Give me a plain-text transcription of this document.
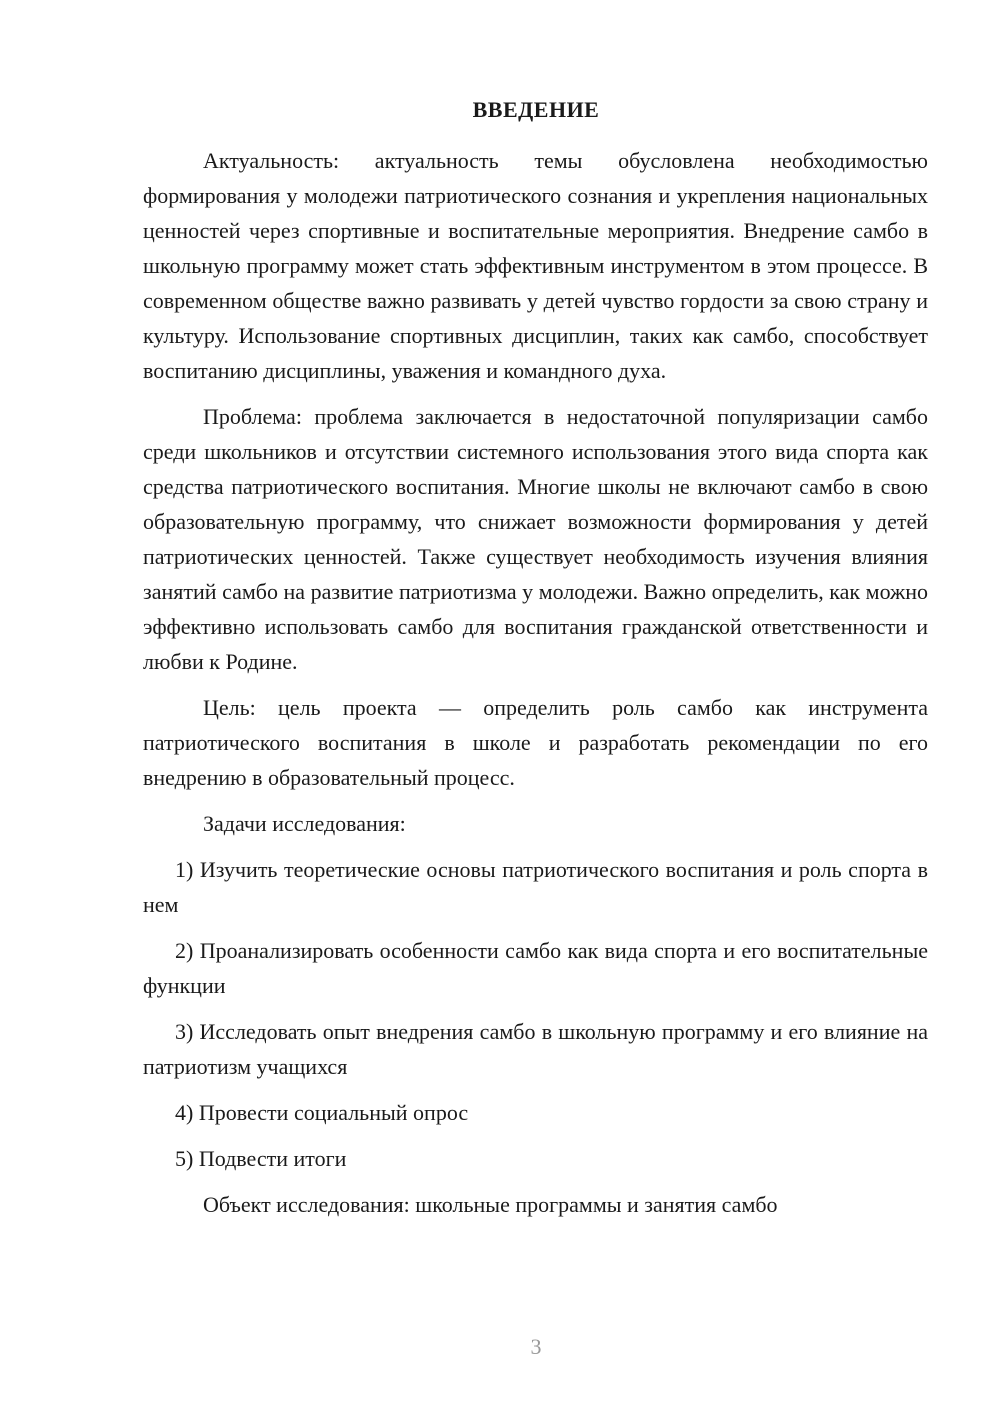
ВВЕДЕНИЕ

Актуальность: актуальность темы обусловлена необходимостью формирования у молодежи патриотического сознания и укрепления национальных ценностей через спортивные и воспитательные мероприятия. Внедрение самбо в школьную программу может стать эффективным инструментом в этом процессе. В современном обществе важно развивать у детей чувство гордости за свою страну и культуру. Использование спортивных дисциплин, таких как самбо, способствует воспитанию дисциплины, уважения и командного духа.

Проблема: проблема заключается в недостаточной популяризации самбо среди школьников и отсутствии системного использования этого вида спорта как средства патриотического воспитания. Многие школы не включают самбо в свою образовательную программу, что снижает возможности формирования у детей патриотических ценностей. Также существует необходимость изучения влияния занятий самбо на развитие патриотизма у молодежи. Важно определить, как можно эффективно использовать самбо для воспитания гражданской ответственности и любви к Родине.

Цель: цель проекта — определить роль самбо как инструмента патриотического воспитания в школе и разработать рекомендации по его внедрению в образовательный процесс.

Задачи исследования:

1) Изучить теоретические основы патриотического воспитания и роль спорта в нем

2) Проанализировать особенности самбо как вида спорта и его воспитательные функции

3) Исследовать опыт внедрения самбо в школьную программу и его влияние на патриотизм учащихся

4) Провести социальный опрос

5) Подвести итоги

Объект исследования: школьные программы и занятия самбо

3
